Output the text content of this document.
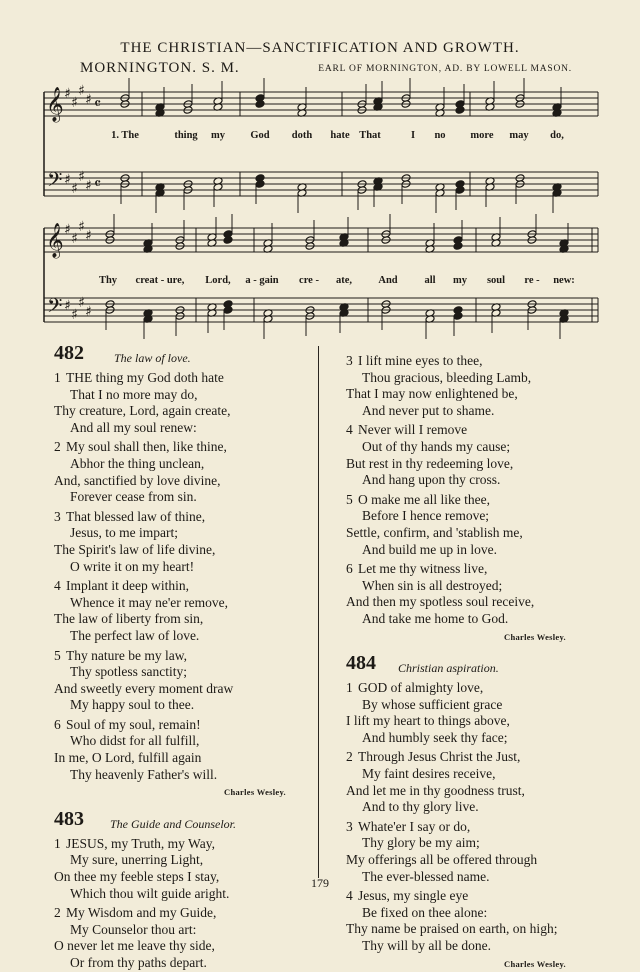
THE CHRISTIAN—SANCTIFICATION AND GROWTH.
MORNINGTON. S. M.	EARL OF MORNINGTON, AD. BY LOWELL MASON.
𝄞
𝄢
♯
♯
♯
♯
♯
♯
♯
♯
𝄴
𝄴
1. The	thing my God doth hate That	I no more may do,
𝄞
𝄢
♯
♯
♯
♯
♯
♯
♯
♯
Thy creat - ure, Lord, a - gain cre - ate,	And	all my soul re - new:
482	The law of love.
1 THE thing my God doth hate
That I no more may do,
Thy creature, Lord, again create,
And all my soul renew:
2 My soul shall then, like thine,
Abhor the thing unclean,
And, sanctified by love divine,
Forever cease from sin.
3 That blessed law of thine,
Jesus, to me impart;
The Spirit's law of life divine,
O write it on my heart!
4 Implant it deep within,
Whence it may ne'er remove,
The law of liberty from sin,
The perfect law of love.
5 Thy nature be my law,
Thy spotless sanctity;
And sweetly every moment draw
My happy soul to thee.
6 Soul of my soul, remain!
Who didst for all fulfill,
In me, O Lord, fulfill again
Thy heavenly Father's will.
Charles Wesley.
483 The Guide and Counselor.
1 JESUS, my Truth, my Way,
My sure, unerring Light,
On thee my feeble steps I stay,
Which thou wilt guide aright.
2 My Wisdom and my Guide,
My Counselor thou art:
O never let me leave thy side,
Or from thy paths depart.
3 I lift mine eyes to thee,
Thou gracious, bleeding Lamb,
That I may now enlightened be,
And never put to shame.
4 Never will I remove
Out of thy hands my cause;
But rest in thy redeeming love,
And hang upon thy cross.
5 O make me all like thee,
Before I hence remove;
Settle, confirm, and 'stablish me,
And build me up in love.
6 Let me thy witness live,
When sin is all destroyed;
And then my spotless soul receive,
And take me home to God.
Charles Wesley.
484 Christian aspiration.
1 GOD of almighty love,
By whose sufficient grace
I lift my heart to things above,
And humbly seek thy face;
2 Through Jesus Christ the Just,
My faint desires receive,
And let me in thy goodness trust,
And to thy glory live.
3 Whate'er I say or do,
Thy glory be my aim;
My offerings all be offered through
The ever-blessed name.
4 Jesus, my single eye
Be fixed on thee alone:
Thy name be praised on earth, on high;
Thy will by all be done.
Charles Wesley.
179
